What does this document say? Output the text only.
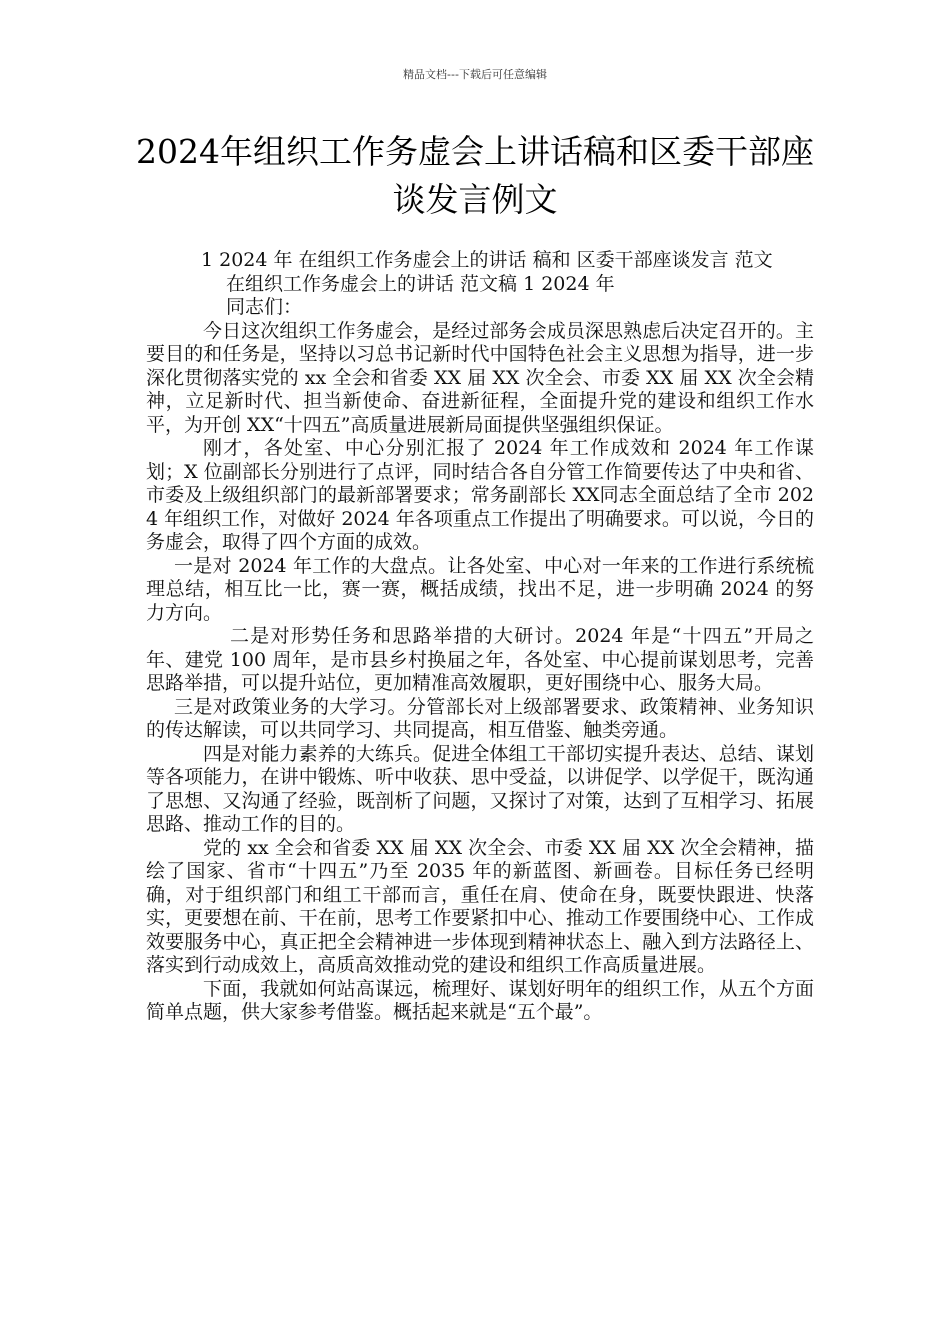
精品文档---下载后可任意编辑
2024年组织工作务虚会上讲话稿和区委干部座谈发言例文

1 2024 年 在组织工作务虚会上的讲话 稿和 区委干部座谈发言 范文

在组织工作务虚会上的讲话 范文稿 1 2024 年

同志们：

今日这次组织工作务虚会，是经过部务会成员深思熟虑后决定召开的。主要目的和任务是，坚持以习总书记新时代中国特色社会主义思想为指导，进一步深化贯彻落实党的 xx 全会和省委 XX 届 XX 次全会、市委 XX 届 XX 次全会精神，立足新时代、担当新使命、奋进新征程，全面提升党的建设和组织工作水平，为开创 XX“十四五”高质量进展新局面提供坚强组织保证。

刚才，各处室、中心分别汇报了 2024 年工作成效和 2024 年工作谋划；X 位副部长分别进行了点评，同时结合各自分管工作简要传达了中央和省、市委及上级组织部门的最新部署要求；常务副部长 XX同志全面总结了全市 2024 年组织工作，对做好 2024 年各项重点工作提出了明确要求。可以说，今日的务虚会，取得了四个方面的成效。

一是对 2024 年工作的大盘点。让各处室、中心对一年来的工作进行系统梳理总结，相互比一比，赛一赛，概括成绩，找出不足，进一步明确 2024 的努力方向。

二是对形势任务和思路举措的大研讨。2024 年是“十四五”开局之年、建党 100 周年，是市县乡村换届之年，各处室、中心提前谋划思考，完善思路举措，可以提升站位，更加精准高效履职，更好围绕中心、服务大局。

三是对政策业务的大学习。分管部长对上级部署要求、政策精神、业务知识的传达解读，可以共同学习、共同提高，相互借鉴、触类旁通。

四是对能力素养的大练兵。促进全体组工干部切实提升表达、总结、谋划等各项能力，在讲中锻炼、听中收获、思中受益，以讲促学、以学促干，既沟通了思想、又沟通了经验，既剖析了问题，又探讨了对策，达到了互相学习、拓展思路、推动工作的目的。

党的 xx 全会和省委 XX 届 XX 次全会、市委 XX 届 XX 次全会精神，描绘了国家、省市“十四五”乃至 2035 年的新蓝图、新画卷。目标任务已经明确，对于组织部门和组工干部而言，重任在肩、使命在身，既要快跟进、快落实，更要想在前、干在前，思考工作要紧扣中心、推动工作要围绕中心、工作成效要服务中心，真正把全会精神进一步体现到精神状态上、融入到方法路径上、落实到行动成效上，高质高效推动党的建设和组织工作高质量进展。

下面，我就如何站高谋远，梳理好、谋划好明年的组织工作，从五个方面简单点题，供大家参考借鉴。概括起来就是“五个最”。
